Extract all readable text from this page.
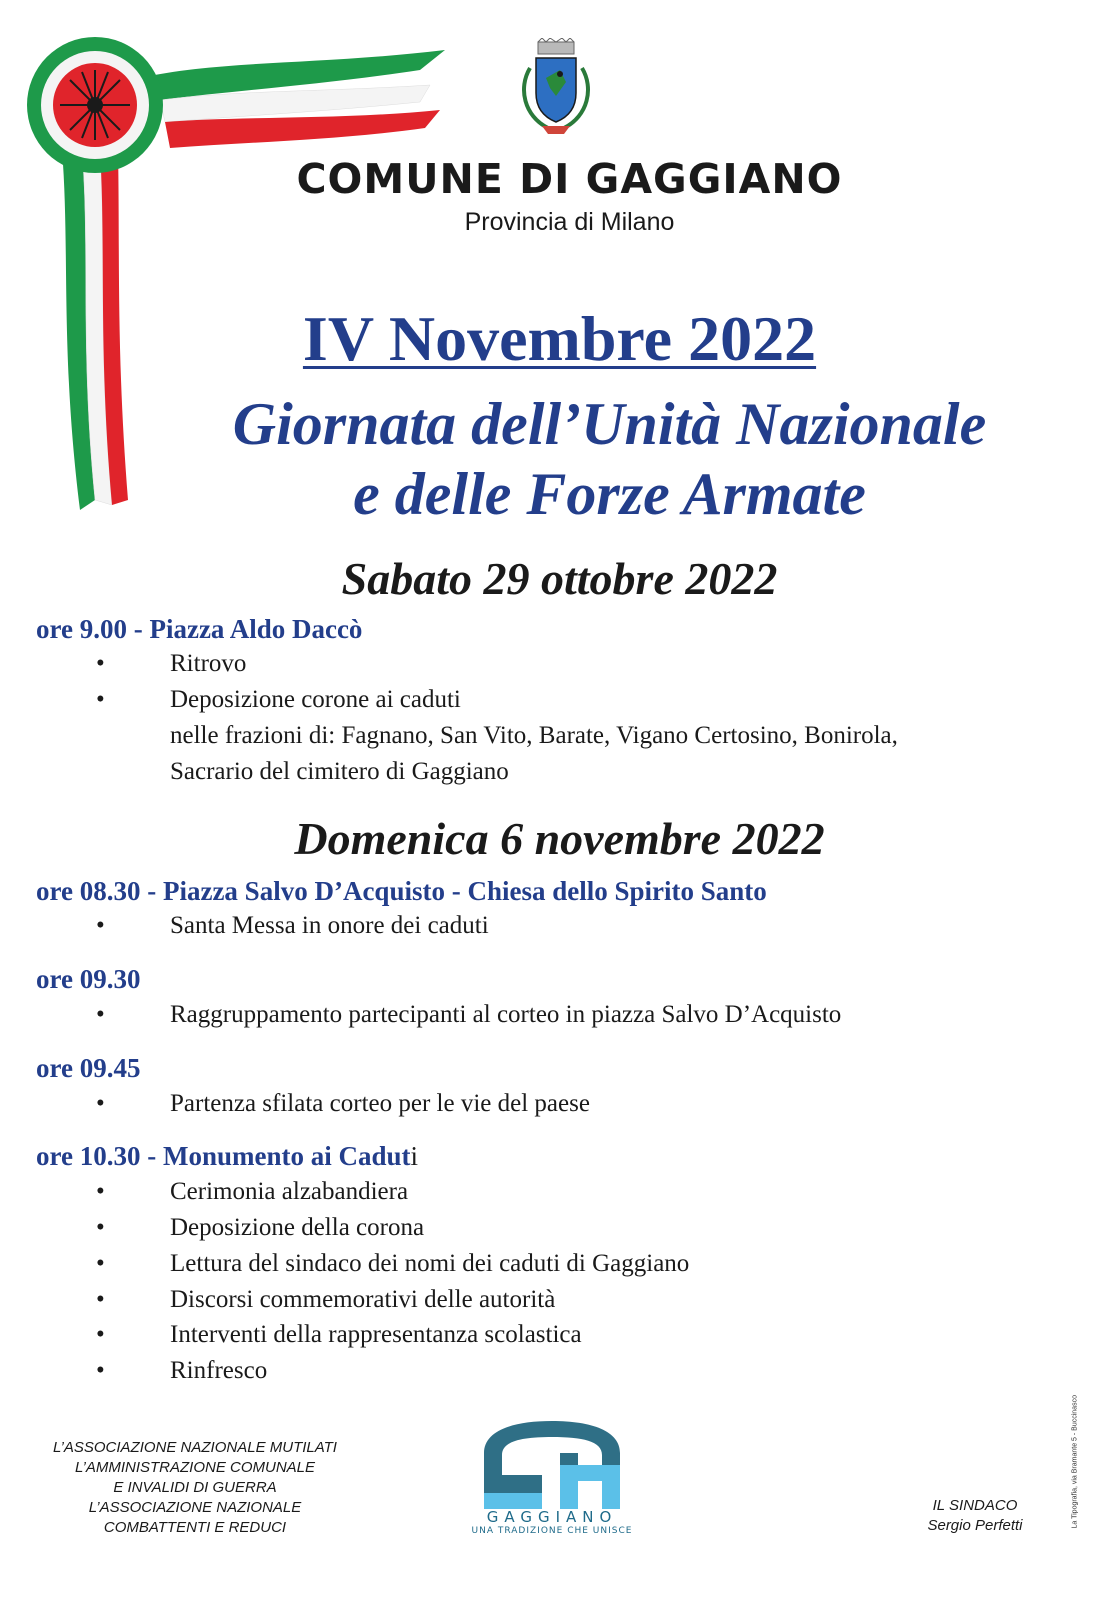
COMUNE DI GAGGIANO
Provincia di Milano
IV Novembre 2022
Giornata dell’Unità Nazionale
e delle Forze Armate
Sabato 29 ottobre 2022
ore 9.00 - Piazza Aldo Daccò
•	Ritrovo
•	Deposizione corone ai caduti
nelle frazioni di: Fagnano, San Vito, Barate, Vigano Certosino, Bonirola,
Sacrario del cimitero di Gaggiano
Domenica 6 novembre 2022
ore 08.30 - Piazza Salvo D’Acquisto - Chiesa dello Spirito Santo
•	Santa Messa in onore dei caduti
ore 09.30
•	Raggruppamento partecipanti al corteo in piazza Salvo D’Acquisto
ore 09.45
•	Partenza sfilata corteo per le vie del paese
ore 10.30 - Monumento ai Caduti
•	Cerimonia alzabandiera
•	Deposizione della corona
•	Lettura del sindaco dei nomi dei caduti di Gaggiano
•	Discorsi commemorativi delle autorità
•	Interventi della rappresentanza scolastica
•	Rinfresco
L’ASSOCIAZIONE NAZIONALE MUTILATI
L’AMMINISTRAZIONE COMUNALE
E INVALIDI DI GUERRA
L’ASSOCIAZIONE NAZIONALE
COMBATTENTI E REDUCI
GAGGIANO
UNA TRADIZIONE CHE UNISCE
IL SINDACO
Sergio Perfetti	La Tipografia, via Bramante 5 - Buccinasco
